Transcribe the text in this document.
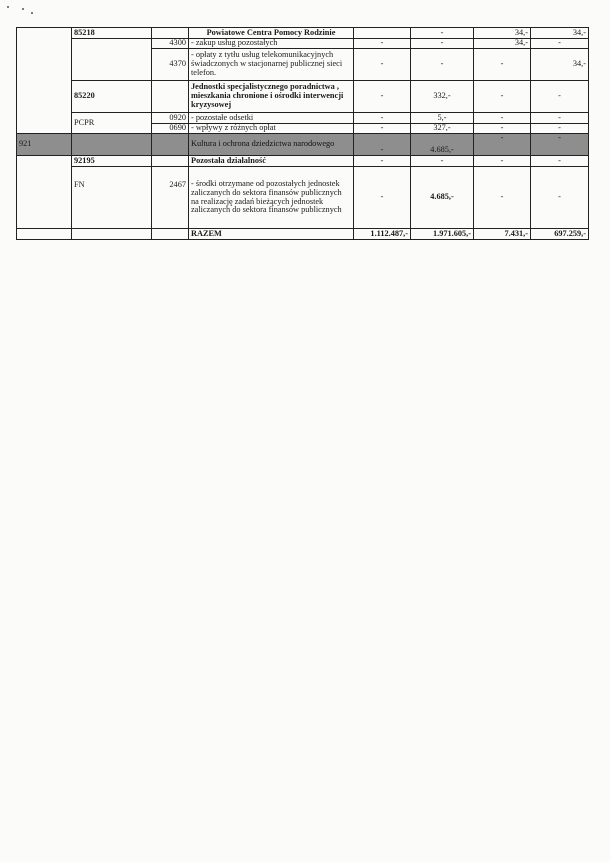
	85218		Powiatowe Centra Pomocy Rodzinie		-	34,-	34,-
		4300	- zakup usług pozostałych	-	-	34,-	-
		4370	- opłaty z tytłu usług telekomunikacyjnych świadczonych w stacjonarnej publicznej sieci telefon.	-	-	-	34,-
	85220		Jednostki specjalistycznego poradnictwa , mieszkania chronione i ośrodki interwencji kryzysowej	-	332,-	-	-
	PCPR	0920	- pozostałe odsetki	-	5,-	-	-
		0690	- wpływy z różnych opłat	-	327,-	-	-
921			Kultura i ochrona dziedzictwa narodowego	-	4.685,-	-	-
	92195		Pozostała działalność	-	-	-	-
	FN	2467	- środki otrzymane od pozostałych jednostek zaliczanych do sektora finansów publicznych na realizację zadań bieżących jednostek zaliczanych do sektora finansów publicznych	-	4.685,-	-	-
			RAZEM	1.112.487,-	1.971.605,-	7.431,-	697.259,-
